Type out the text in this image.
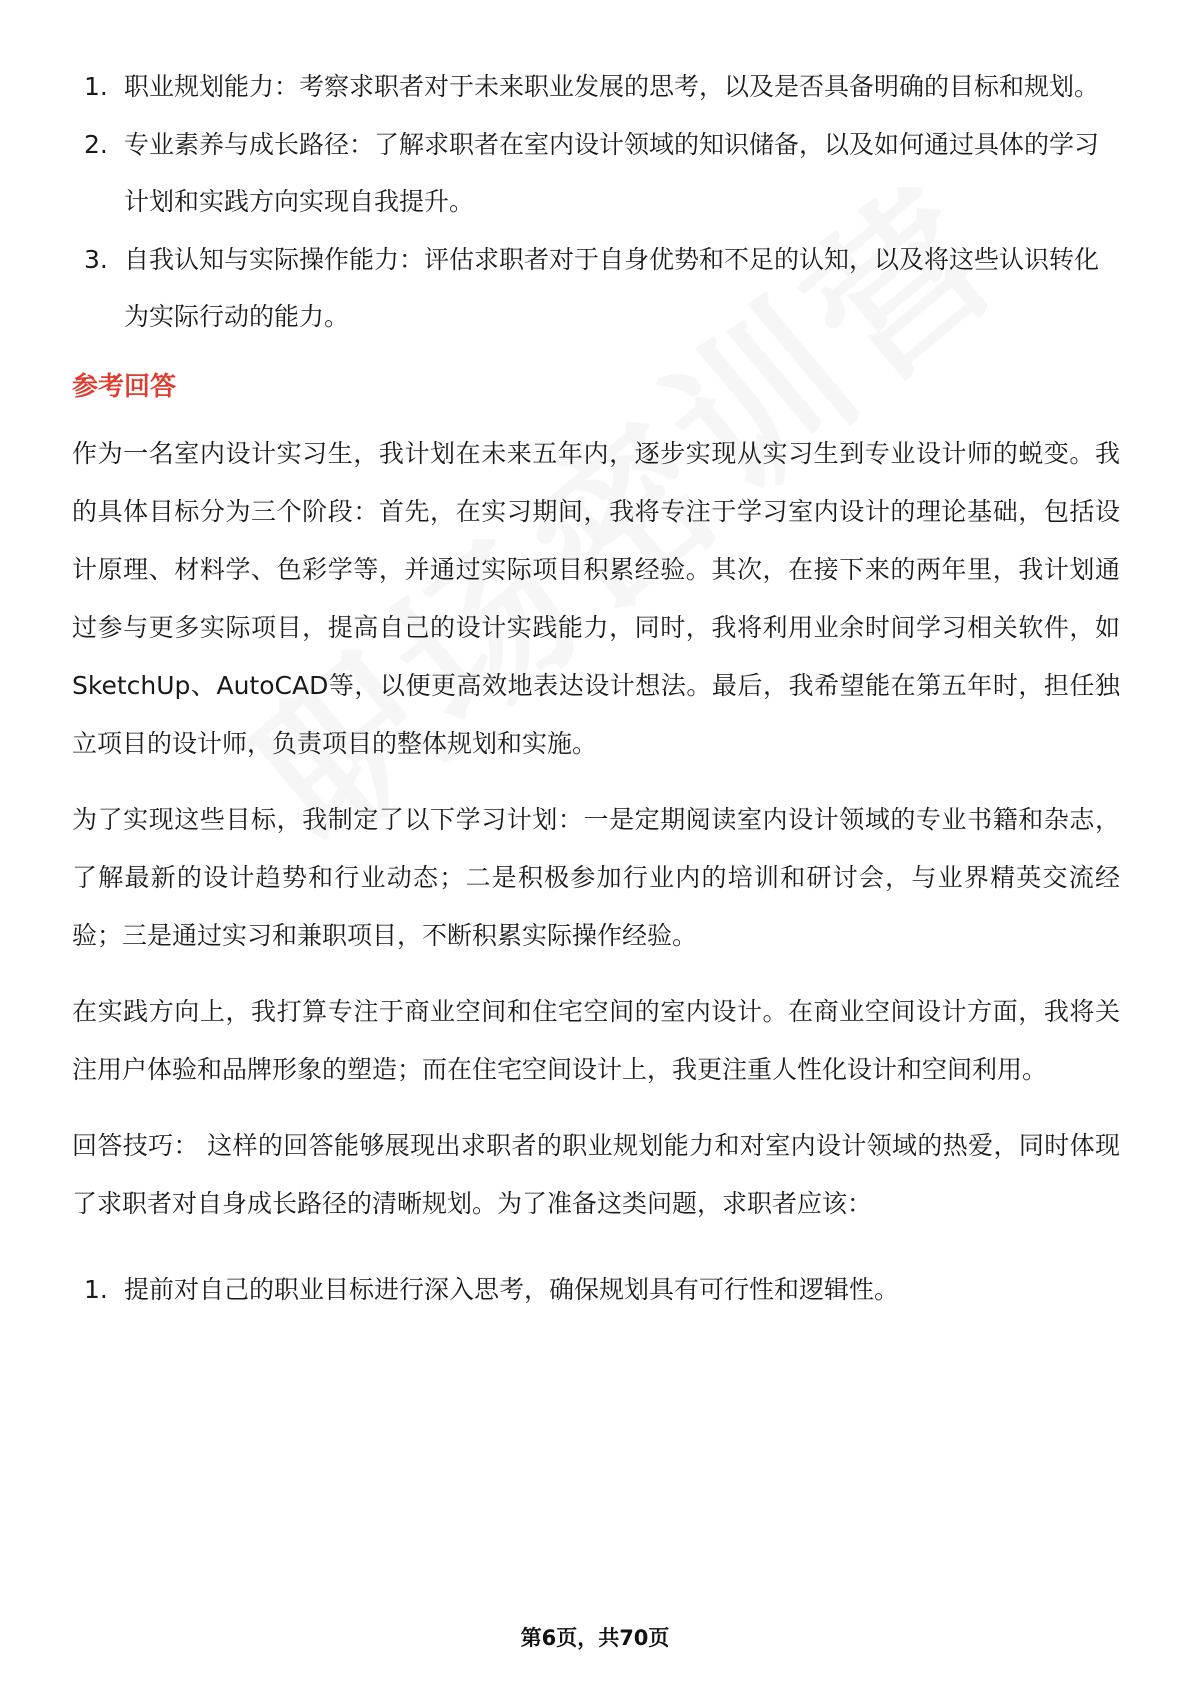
1. 职业规划能力：考察求职者对于未来职业发展的思考，以及是否具备明确的目标和规划。
2. 专业素养与成长路径：了解求职者在室内设计领域的知识储备，以及如何通过具体的学习计划和实践方向实现自我提升。
3. 自我认知与实际操作能力：评估求职者对于自身优势和不足的认知，以及将这些认识转化为实际行动的能力。
参考回答

作为一名室内设计实习生，我计划在未来五年内，逐步实现从实习生到专业设计师的蜕变。我的具体目标分为三个阶段：首先，在实习期间，我将专注于学习室内设计的理论基础，包括设计原理、材料学、色彩学等，并通过实际项目积累经验。其次，在接下来的两年里，我计划通过参与更多实际项目，提高自己的设计实践能力，同时，我将利用业余时间学习相关软件，如SketchUp、AutoCAD等，以便更高效地表达设计想法。最后，我希望能在第五年时，担任独立项目的设计师，负责项目的整体规划和实施。

为了实现这些目标，我制定了以下学习计划：一是定期阅读室内设计领域的专业书籍和杂志，了解最新的设计趋势和行业动态；二是积极参加行业内的培训和研讨会，与业界精英交流经验；三是通过实习和兼职项目，不断积累实际操作经验。

在实践方向上，我打算专注于商业空间和住宅空间的室内设计。在商业空间设计方面，我将关注用户体验和品牌形象的塑造；而在住宅空间设计上，我更注重人性化设计和空间利用。

回答技巧： 这样的回答能够展现出求职者的职业规划能力和对室内设计领域的热爱，同时体现了求职者对自身成长路径的清晰规划。为了准备这类问题，求职者应该：

1. 提前对自己的职业目标进行深入思考，确保规划具有可行性和逻辑性。
第6页，共70页
